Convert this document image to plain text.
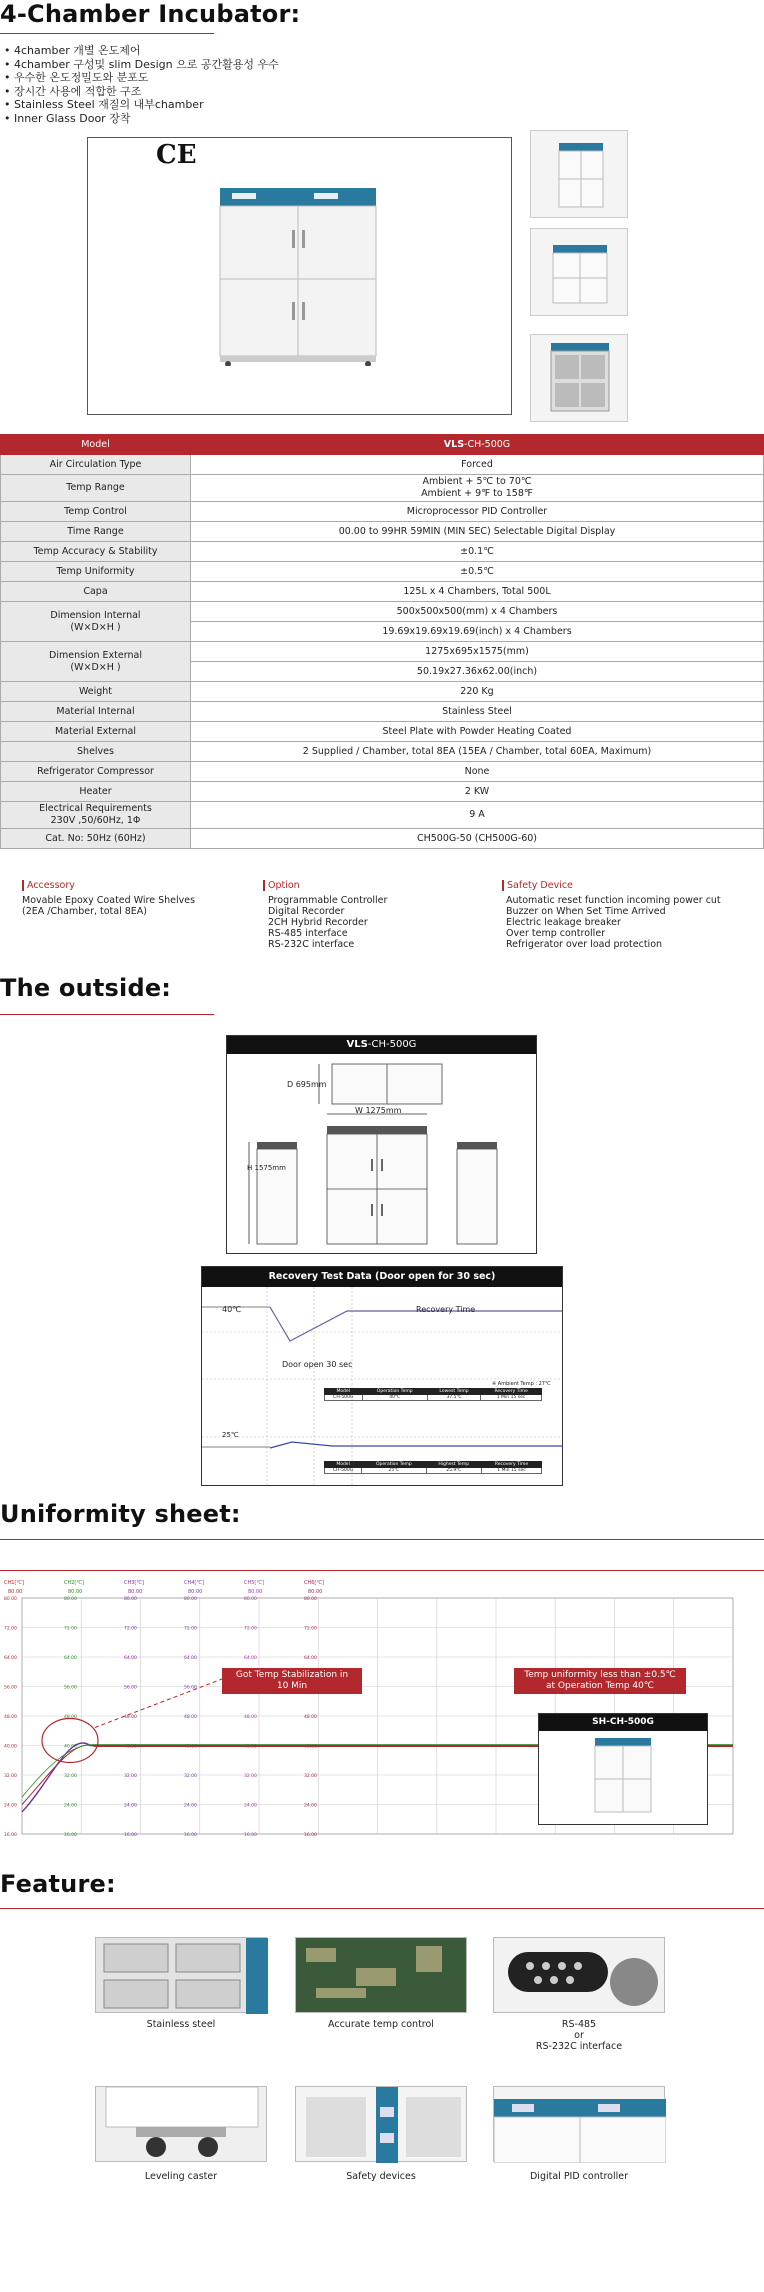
4-Chamber Incubator:
• 4chamber 개별 온도제어
• 4chamber 구성및 slim Design 으로 공간활용성 우수
• 우수한 온도정밀도와 분포도
• 장시간 사용에 적합한 구조
• Stainless Steel 재질의 내부chamber
• Inner Glass Door 장착
CE
Model	VLS-CH-500G
Air Circulation Type	Forced
Temp Range	Ambient + 5℃ to 70℃
Ambient + 9℉ to 158℉
Temp Control	Microprocessor PID Controller
Time Range	00.00 to 99HR 59MIN (MIN SEC) Selectable Digital Display
Temp Accuracy & Stability	±0.1℃
Temp Uniformity	±0.5℃
Capa	125L x 4 Chambers, Total 500L
Dimension Internal
(W×D×H )	500x500x500(mm) x 4 Chambers
	19.69x19.69x19.69(inch) x 4 Chambers
Dimension External
(W×D×H )	1275x695x1575(mm)
	50.19x27.36x62.00(inch)
Weight	220 Kg
Material Internal	Stainless Steel
Material External	Steel Plate with Powder Heating Coated
Shelves	2 Supplied / Chamber, total 8EA (15EA / Chamber, total 60EA, Maximum)
Refrigerator Compressor	None
Heater	2 KW
Electrical Requirements
230V ,50/60Hz, 1Φ	9 A
Cat. No: 50Hz (60Hz)	CH500G-50 (CH500G-60)
Accessory
Movable Epoxy Coated Wire Shelves
(2EA /Chamber, total 8EA)
Option
Programmable Controller
Digital Recorder
2CH Hybrid Recorder
RS-485 interface
RS-232C interface
Safety Device
Automatic reset function incoming power cut
Buzzer on When Set Time Arrived
Electric leakage breaker
Over temp controller
Refrigerator over load protection
The outside:
VLS-CH-500G
D 695mm
W 1275mm
H 1575mm
Recovery Test Data (Door open for 30 sec)
40℃	Recovery Time
Door open 30 sec
25℃
※ Ambient Temp : 27℃
Model	Operation Temp	Lowest Temp	Recovery Time
CH-500G	40℃	37.5℃	1 Min 15 sec
Model	Operation Temp	Highest Temp	Recovery Time
CH-500G	25℃	25.9℃	1 Min 15 sec
Uniformity sheet:
80.00	80.00	80.00	80.00	80.00	80.00
72.00	72.00	72.00	72.00	72.00	72.00
64.00	64.00	64.00	64.00	64.00	64.00
56.00	56.00	56.00	56.00
48.00	48.00	48.00	48.00	48.00	48.00
40.00	40.00	40.00	40.00	40.00	40.00
32.00	32.00	32.00	32.00	32.00	32.00
24.00	24.00	24.00	24.00	24.00	24.00
16.00	16.00	16.00	16.00	16.00	16.00
CH1[℃]
80.00
CH2[℃]
80.00
CH3[℃]
80.00
CH4[℃]
80.00
CH5[℃]
80.00
CH6[℃]
80.00
Got Temp Stabilization in
10 Min
Temp uniformity less than ±0.5℃
at Operation Temp 40℃
SH-CH-500G
Feature:
Stainless steel	Accurate temp control	RS-485
or
RS-232C interface
Leveling caster	Safety devices	Digital PID controller
